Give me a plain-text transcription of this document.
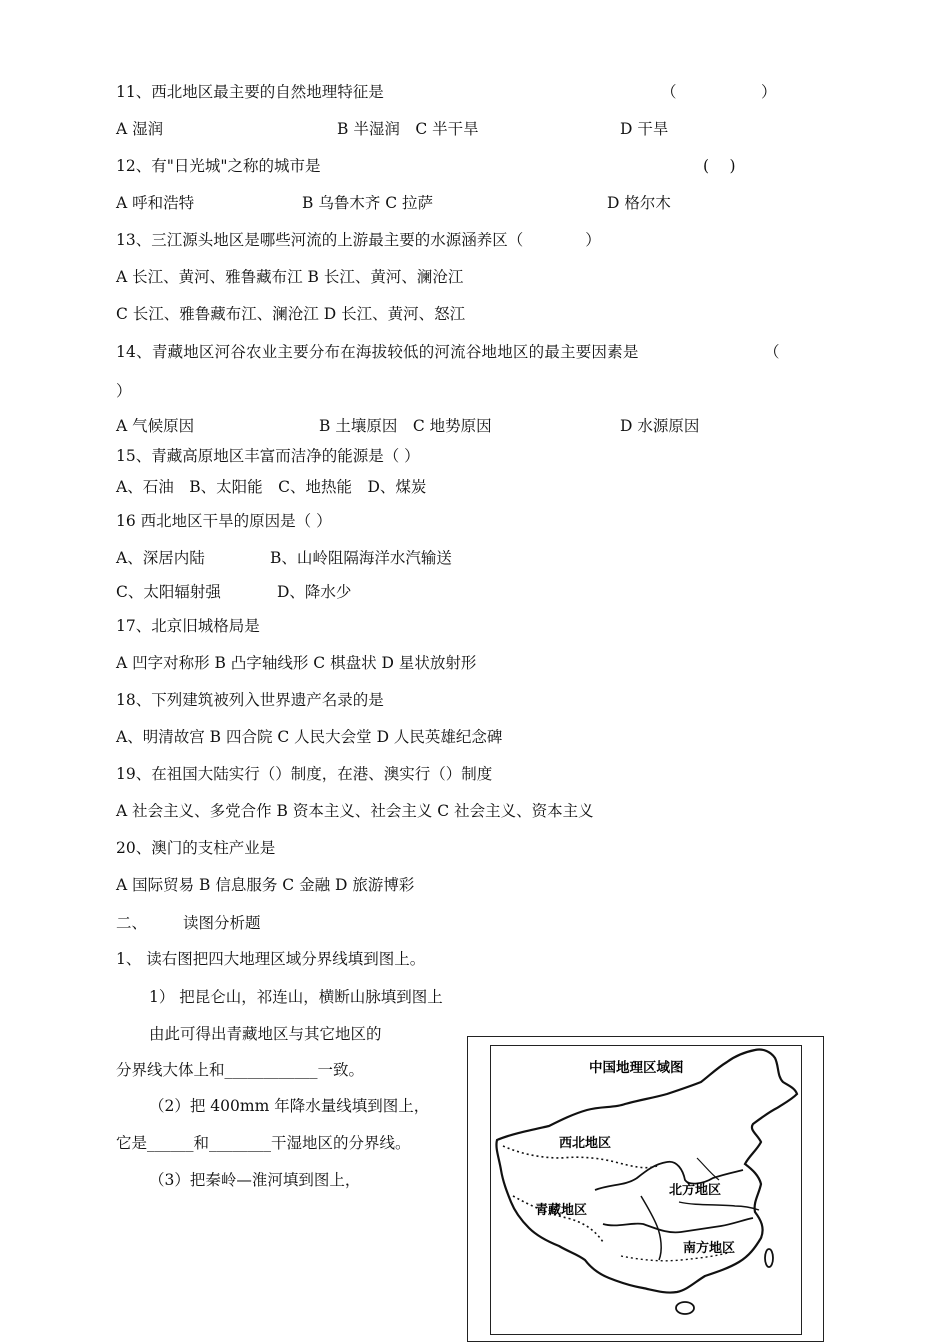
11、西北地区最主要的自然地理特征是	（	）
A 湿润	B 半湿润　C 半干旱	D 干旱
12、有"日光城"之称的城市是	(　 )
A 呼和浩特	B 乌鲁木齐 C 拉萨	D 格尔木
13、三江源头地区是哪些河流的上游最主要的水源涵养区（　　　　）
A 长江、黄河、雅鲁藏布江 B 长江、黄河、澜沧江
C 长江、雅鲁藏布江、澜沧江 D 长江、黄河、怒江
14、青藏地区河谷农业主要分布在海拔较低的河流谷地地区的最主要因素是	（
）
A 气候原因	B 土壤原因　C 地势原因	D 水源原因
15、青藏高原地区丰富而洁净的能源是（ ）
A、石油　B、太阳能　C、地热能　D、煤炭
16 西北地区干旱的原因是（ ）
A、深居内陆	B、山岭阻隔海洋水汽输送
C、太阳辐射强	D、降水少
17、北京旧城格局是
A 凹字对称形 B 凸字轴线形 C 棋盘状 D 星状放射形
18、下列建筑被列入世界遗产名录的是
A、明清故宫 B 四合院 C 人民大会堂 D 人民英雄纪念碑
19、在祖国大陆实行（）制度，在港、澳实行（）制度
A 社会主义、多党合作 B 资本主义、社会主义 C 社会主义、资本主义
20、澳门的支柱产业是
A 国际贸易 B 信息服务 C 金融 D 旅游博彩
二、 读图分析题
1、 读右图把四大地理区域分界线填到图上。
1） 把昆仑山，祁连山，横断山脉填到图上
由此可得出青藏地区与其它地区的
分界线大体上和____________一致。
（2）把 400mm 年降水量线填到图上，
它是______和________干湿地区的分界线。
（3）把秦岭—淮河填到图上，
中国地理区域图
西北地区
青藏地区
北方地区
南方地区
